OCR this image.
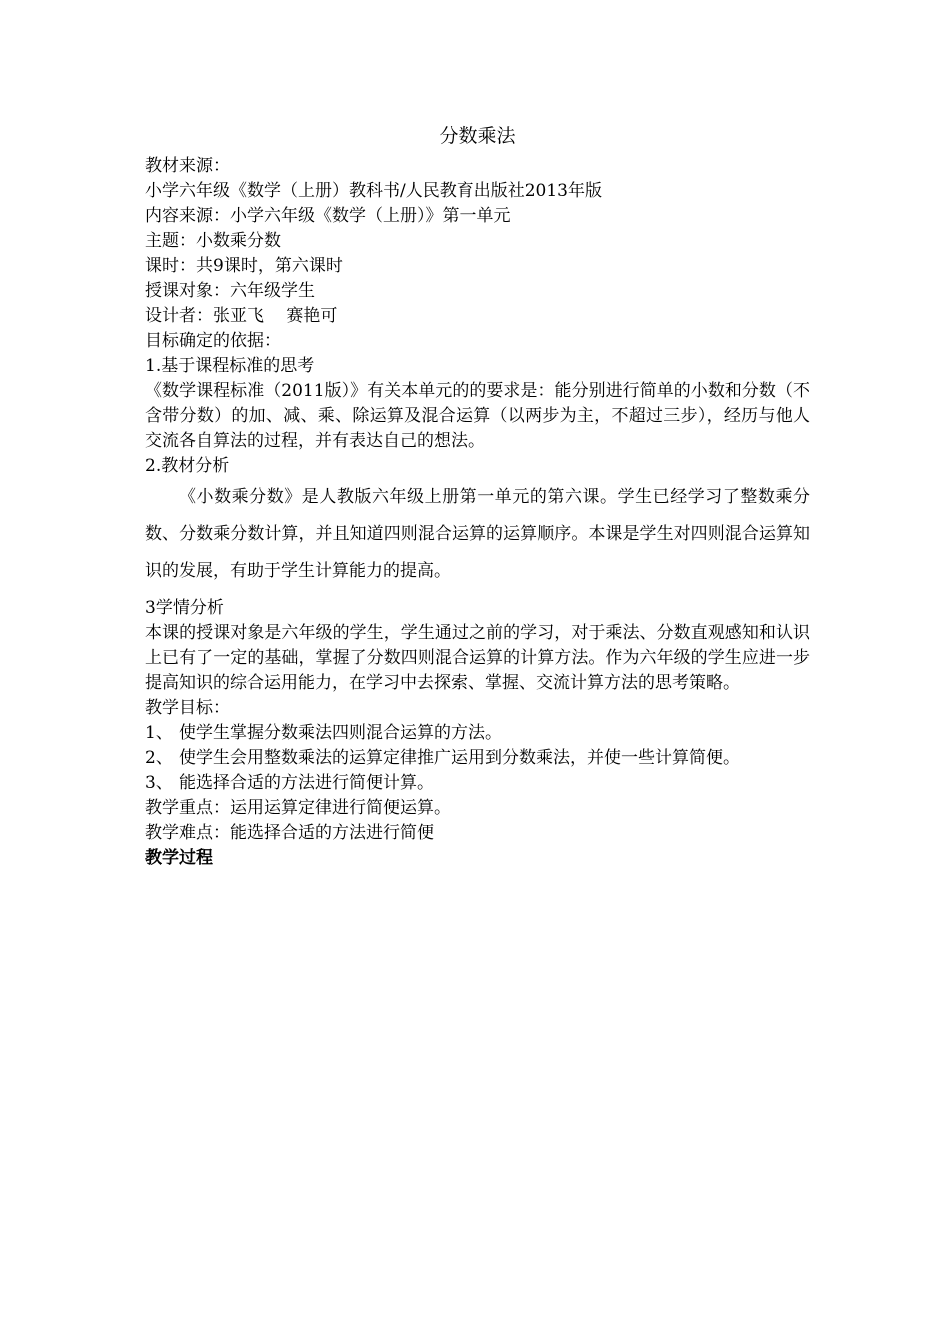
分数乘法
教材来源：
小学六年级《数学（上册）教科书/人民教育出版社2013年版
内容来源：小学六年级《数学（上册）》第一单元
主题：小数乘分数
课时：共9课时，第六课时
授课对象：六年级学生
设计者：张亚飞　 赛艳可
目标确定的依据：
1.基于课程标准的思考
《数学课程标准（2011版）》有关本单元的的要求是：能分别进行简单的小数和分数（不含带分数）的加、减、乘、除运算及混合运算（以两步为主，不超过三步），经历与他人交流各自算法的过程，并有表达自己的想法。
2.教材分析
《小数乘分数》是人教版六年级上册第一单元的第六课。学生已经学习了整数乘分数、分数乘分数计算，并且知道四则混合运算的运算顺序。本课是学生对四则混合运算知识的发展，有助于学生计算能力的提高。
3学情分析
本课的授课对象是六年级的学生，学生通过之前的学习，对于乘法、分数直观感知和认识上已有了一定的基础，掌握了分数四则混合运算的计算方法。作为六年级的学生应进一步提高知识的综合运用能力，在学习中去探索、掌握、交流计算方法的思考策略。
教学目标：
1、 使学生掌握分数乘法四则混合运算的方法。
2、 使学生会用整数乘法的运算定律推广运用到分数乘法，并使一些计算简便。
3、 能选择合适的方法进行简便计算。
教学重点：运用运算定律进行简便运算。
教学难点：能选择合适的方法进行简便
教学过程
